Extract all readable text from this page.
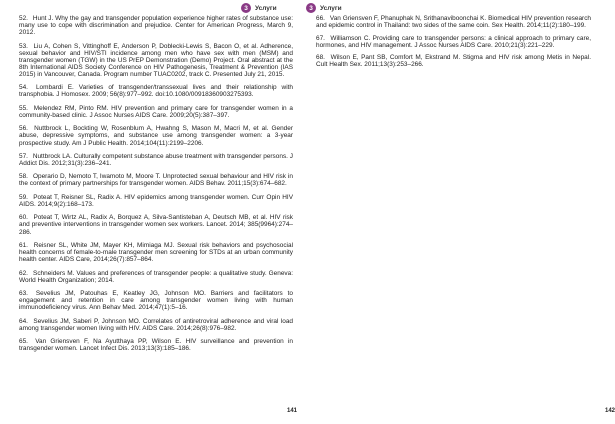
3	Услуги
52. Hunt J. Why the gay and transgender population experience higher rates of substance use: many use to cope with discrimination and prejudice. Center for American Progress, March 9, 2012.
53. Liu A, Cohen S, Vittinghoff E, Anderson P, Doblecki-Lewis S, Bacon O, et al. Adherence, sexual behavior and HIV/STI incidence among men who have sex with men (MSM) and transgender women (TGW) in the US PrEP Demonstration (Demo) Project. Oral abstract at the 8th International AIDS Society Conference on HIV Pathogenesis, Treatment & Prevention (IAS 2015) in Vancouver, Canada. Program number TUAC0202, track C. Presented July 21, 2015.
54. Lombardi E. Varieties of transgender/transsexual lives and their relationship with transphobia. J Homosex. 2009; 56(8):977–992. doi:10.1080/00918360903275393.
55. Melendez RM, Pinto RM. HIV prevention and primary care for transgender women in a community-based clinic. J Assoc Nurses AIDS Care. 2009;20(5):387–397.
56. Nuttbrock L, Bockting W, Rosenblum A, Hwahng S, Mason M, Macri M, et al. Gender abuse, depressive symptoms, and substance use among transgender women: a 3-year prospective study. Am J Public Health. 2014;104(11):2199–2206.
57. Nuttbrock LA. Culturally competent substance abuse treatment with transgender persons. J Addict Dis. 2012;31(3):236–241.
58. Operario D, Nemoto T, Iwamoto M, Moore T. Unprotected sexual behaviour and HIV risk in the context of primary partnerships for transgender women. AIDS Behav. 2011;15(3):674–682.
59. Poteat T, Reisner SL, Radix A. HIV epidemics among transgender women. Curr Opin HIV AIDS. 2014;9(2):168–173.
60. Poteat T, Wirtz AL, Radix A, Borquez A, Silva-Santisteban A, Deutsch MB, et al. HIV risk and preventive interventions in transgender women sex workers. Lancet. 2014; 385(9964):274–286.
61. Reisner SL, White JM, Mayer KH, Mimiaga MJ. Sexual risk behaviors and psychosocial health concerns of female-to-male transgender men screening for STDs at an urban community health center. AIDS Care, 2014;26(7):857–864.
62. Schneiders M. Values and preferences of transgender people: a qualitative study. Geneva: World Health Organization; 2014.
63. Sevelius JM, Patouhas E, Keatley JG, Johnson MO. Barriers and facilitators to engagement and retention in care among transgender women living with human immunodeficiency virus. Ann Behav Med. 2014;47(1):5–16.
64. Sevelius JM, Saberi P, Johnson MO. Correlates of antiretroviral adherence and viral load among transgender women living with HIV. AIDS Care. 2014;26(8):976–982.
65. Van Griensven F, Na Ayutthaya PP, Wilson E. HIV surveillance and prevention in transgender women. Lancet Infect Dis. 2013;13(3):185–186.
141
3	Услуги
66. Van Griensven F, Phanuphak N, Srithanaviboonchai K. Biomedical HIV prevention research and epidemic control in Thailand: two sides of the same coin. Sex Health. 2014;11(2):180–199.
67. Williamson C. Providing care to transgender persons: a clinical approach to primary care, hormones, and HIV management. J Assoc Nurses AIDS Care. 2010;21(3):221–229.
68. Wilson E, Pant SB, Comfort M, Ekstrand M. Stigma and HIV risk among Metis in Nepal. Cult Health Sex. 2011;13(3):253–266.
142
